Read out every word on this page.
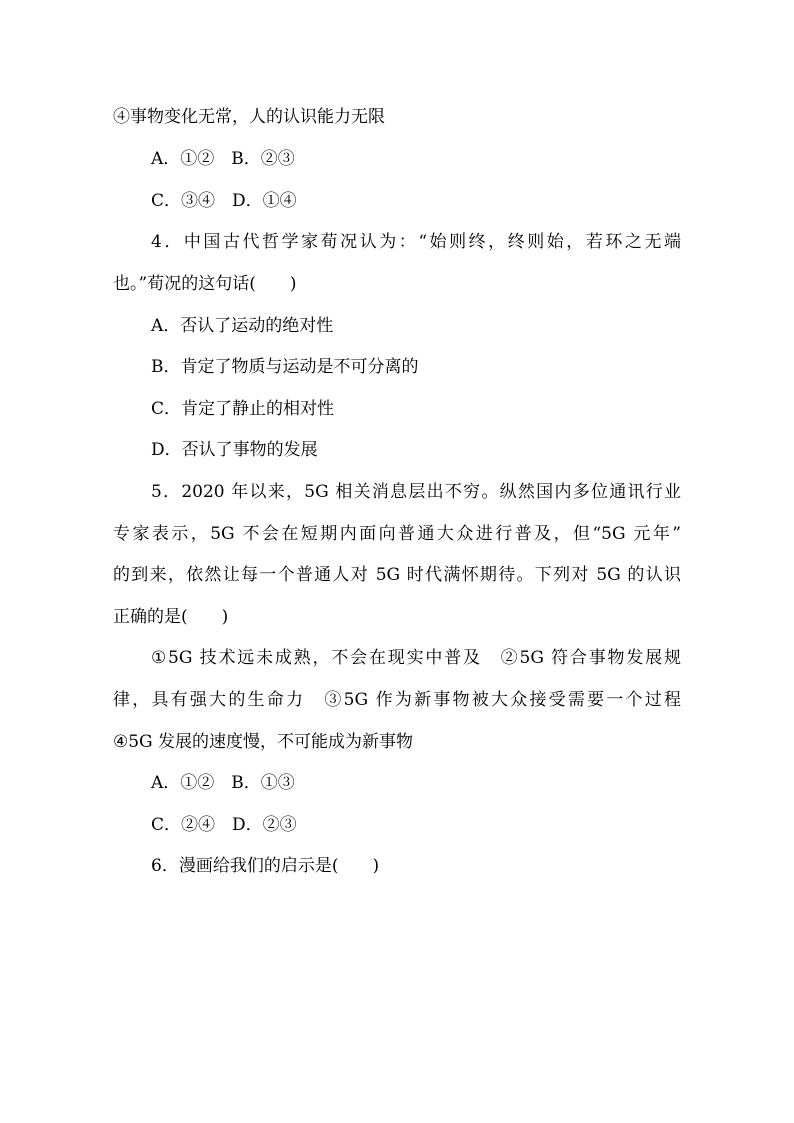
④事物变化无常，人的认识能力无限
A．①②　B．②③
C．③④　D．①④
4．中国古代哲学家荀况认为：“始则终，终则始，若环之无端
也。”荀况的这句话(　　)
A．否认了运动的绝对性
B．肯定了物质与运动是不可分离的
C．肯定了静止的相对性
D．否认了事物的发展
5．2020 年以来，5G 相关消息层出不穷。纵然国内多位通讯行业
专家表示，5G 不会在短期内面向普通大众进行普及，但“5G 元年”
的到来，依然让每一个普通人对 5G 时代满怀期待。下列对 5G 的认识
正确的是(　　)
①5G 技术远未成熟，不会在现实中普及　②5G 符合事物发展规
律，具有强大的生命力　③5G 作为新事物被大众接受需要一个过程
④5G 发展的速度慢，不可能成为新事物
A．①②　B．①③
C．②④　D．②③
6．漫画给我们的启示是(　　)
